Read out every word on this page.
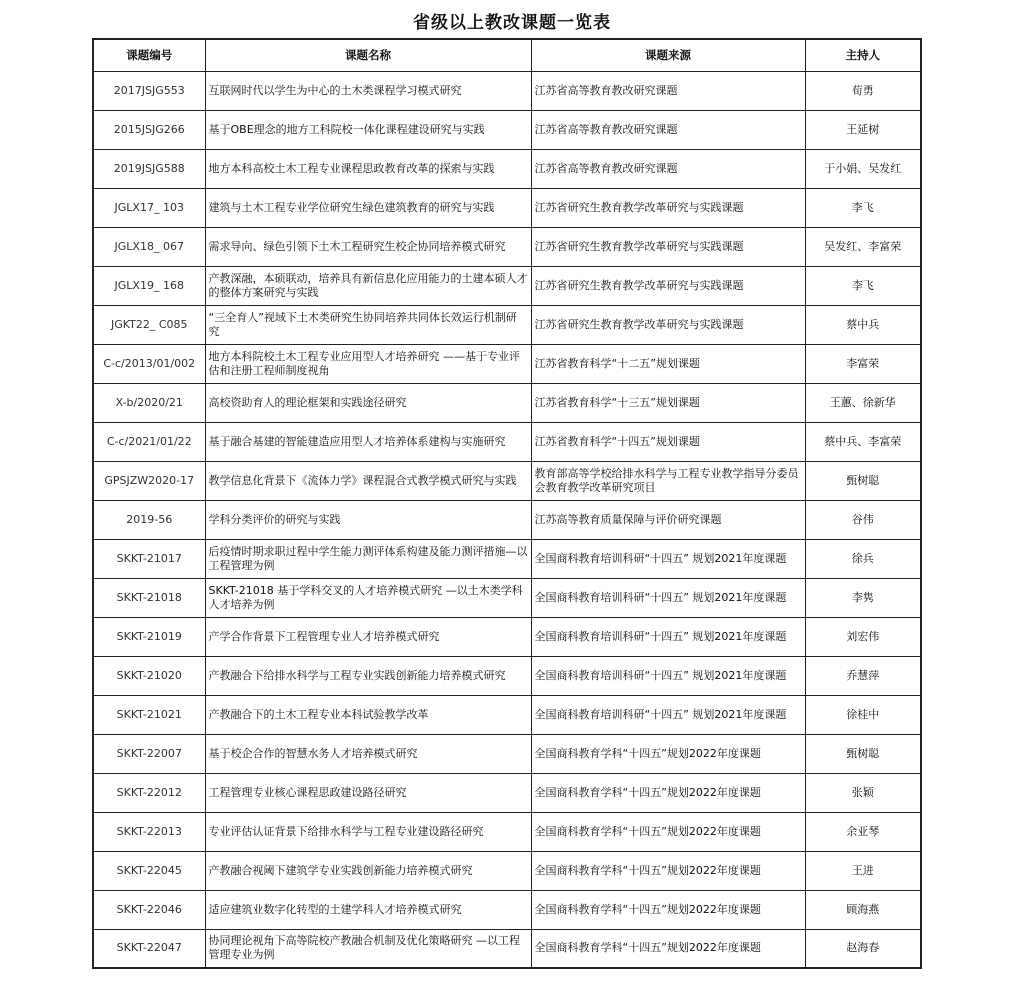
省级以上教改课题一览表
课题编号	课题名称	课题来源	主持人
2017JSJG553	互联网时代以学生为中心的土木类课程学习模式研究	江苏省高等教育教改研究课题	荀勇
2015JSJG266	基于OBE理念的地方工科院校一体化课程建设研究与实践	江苏省高等教育教改研究课题	王延树
2019JSJG588	地方本科高校土木工程专业课程思政教育改革的探索与实践	江苏省高等教育教改研究课题	于小娟、吴发红
JGLX17_ 103	建筑与土木工程专业学位研究生绿色建筑教育的研究与实践	江苏省研究生教育教学改革研究与实践课题	李飞
JGLX18_ 067	需求导向、绿色引领下土木工程研究生校企协同培养模式研究	江苏省研究生教育教学改革研究与实践课题	吴发红、李富荣
JGLX19_ 168	产教深融，本硕联动，培养具有新信息化应用能力的土建本硕人才的整体方案研究与实践	江苏省研究生教育教学改革研究与实践课题	李飞
JGKT22_ C085	“三全育人”视域下土木类研究生协同培养共同体长效运行机制研究	江苏省研究生教育教学改革研究与实践课题	蔡中兵
C-c/2013/01/002	地方本科院校土木工程专业应用型人才培养研究 ——基于专业评估和注册工程师制度视角	江苏省教育科学“十二五”规划课题	李富荣
X-b/2020/21	高校资助育人的理论框架和实践途径研究	江苏省教育科学“十三五”规划课题	王蕙、徐新华
C-c/2021/01/22	基于融合基建的智能建造应用型人才培养体系建构与实施研究	江苏省教育科学“十四五”规划课题	蔡中兵、李富荣
GPSJZW2020-17	教学信息化背景下《流体力学》课程混合式教学模式研究与实践	教育部高等学校给排水科学与工程专业教学指导分委员会教育教学改革研究项目	甄树聪
2019-56	学科分类评价的研究与实践	江苏高等教育质量保障与评价研究课题	谷伟
SKKT-21017	后疫情时期求职过程中学生能力测评体系构建及能力测评措施—以工程管理为例	全国商科教育培训科研“十四五” 规划2021年度课题	徐兵
SKKT-21018	SKKT-21018 基于学科交叉的人才培养模式研究 —以土木类学科人才培养为例	全国商科教育培训科研“十四五” 规划2021年度课题	李隽
SKKT-21019	产学合作背景下工程管理专业人才培养模式研究	全国商科教育培训科研“十四五” 规划2021年度课题	刘宏伟
SKKT-21020	产教融合下给排水科学与工程专业实践创新能力培养模式研究	全国商科教育培训科研“十四五” 规划2021年度课题	乔慧萍
SKKT-21021	产教融合下的土木工程专业本科试验教学改革	全国商科教育培训科研“十四五” 规划2021年度课题	徐桂中
SKKT-22007	基于校企合作的智慧水务人才培养模式研究	全国商科教育学科“十四五”规划2022年度课题	甄树聪
SKKT-22012	工程管理专业核心课程思政建设路径研究	全国商科教育学科“十四五”规划2022年度课题	张颖
SKKT-22013	专业评估认证背景下给排水科学与工程专业建设路径研究	全国商科教育学科“十四五”规划2022年度课题	余亚琴
SKKT-22045	产教融合视阈下建筑学专业实践创新能力培养模式研究	全国商科教育学科“十四五”规划2022年度课题	王进
SKKT-22046	适应建筑业数字化转型的土建学科人才培养模式研究	全国商科教育学科“十四五”规划2022年度课题	顾海燕
SKKT-22047	协同理论视角下高等院校产教融合机制及优化策略研究 —以工程管理专业为例	全国商科教育学科“十四五”规划2022年度课题	赵海春
